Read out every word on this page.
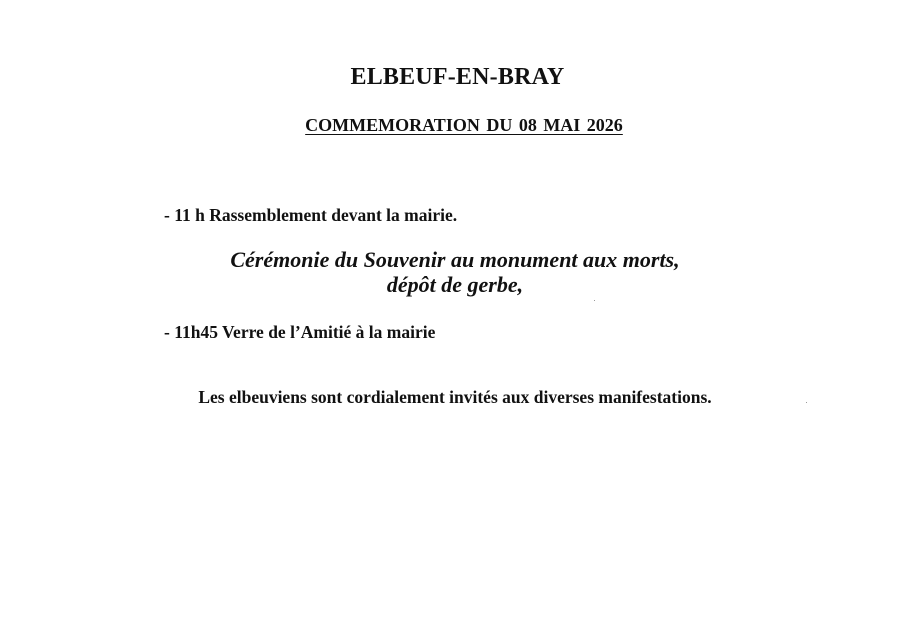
ELBEUF-EN-BRAY
COMMEMORATION DU 08 MAI 2026
- 11 h Rassemblement devant la mairie.
Cérémonie du Souvenir au monument aux morts,
dépôt de gerbe,
- 11h45 Verre de l’Amitié à la mairie
Les elbeuviens sont cordialement invités aux diverses manifestations.
